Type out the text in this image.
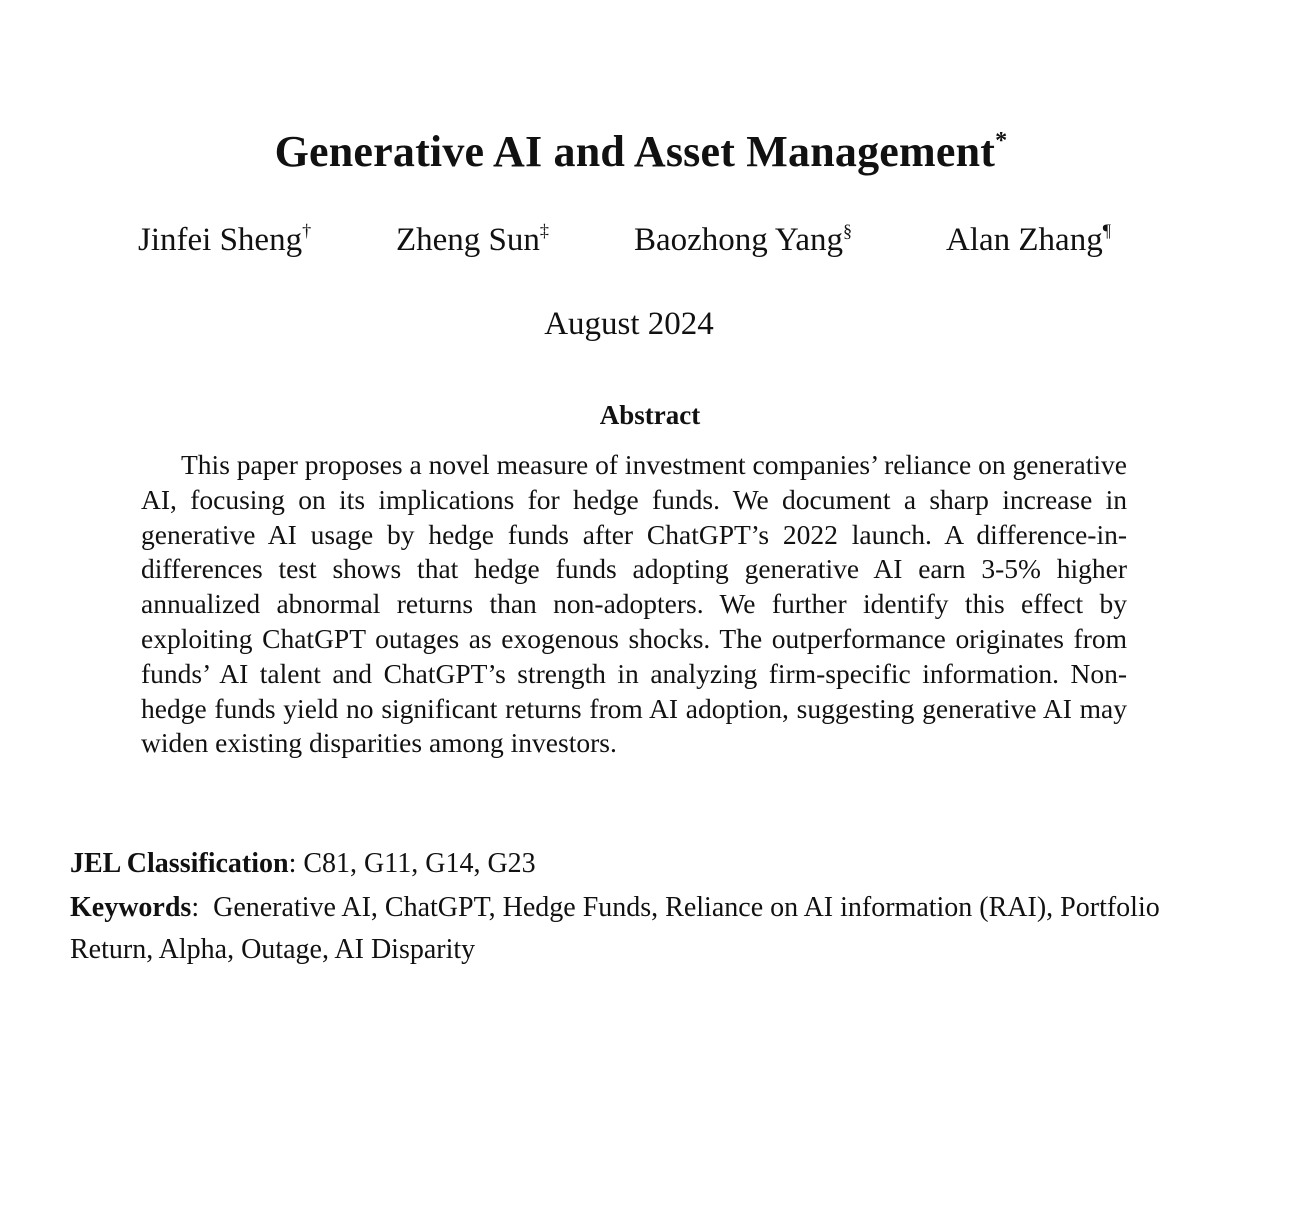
Generative AI and Asset Management*
Jinfei Sheng†	Zheng Sun‡	Baozhong Yang§	Alan Zhang¶
August 2024
Abstract

This paper proposes a novel measure of investment companies’ reliance on generative AI, focusing on its implications for hedge funds. We document a sharp increase in generative AI usage by hedge funds after ChatGPT’s 2022 launch. A difference-in-differences test shows that hedge funds adopting generative AI earn 3-5% higher annualized abnormal returns than non-adopters. We further identify this effect by exploiting ChatGPT outages as exogenous shocks. The outperformance originates from funds’ AI talent and ChatGPT’s strength in analyzing firm-specific information. Non-hedge funds yield no significant returns from AI adoption, suggesting generative AI may widen existing disparities among investors.

JEL Classification: C81, G11, G14, G23
Keywords:  Generative AI, ChatGPT, Hedge Funds, Reliance on AI information (RAI), Portfolio Return, Alpha, Outage, AI Disparity
